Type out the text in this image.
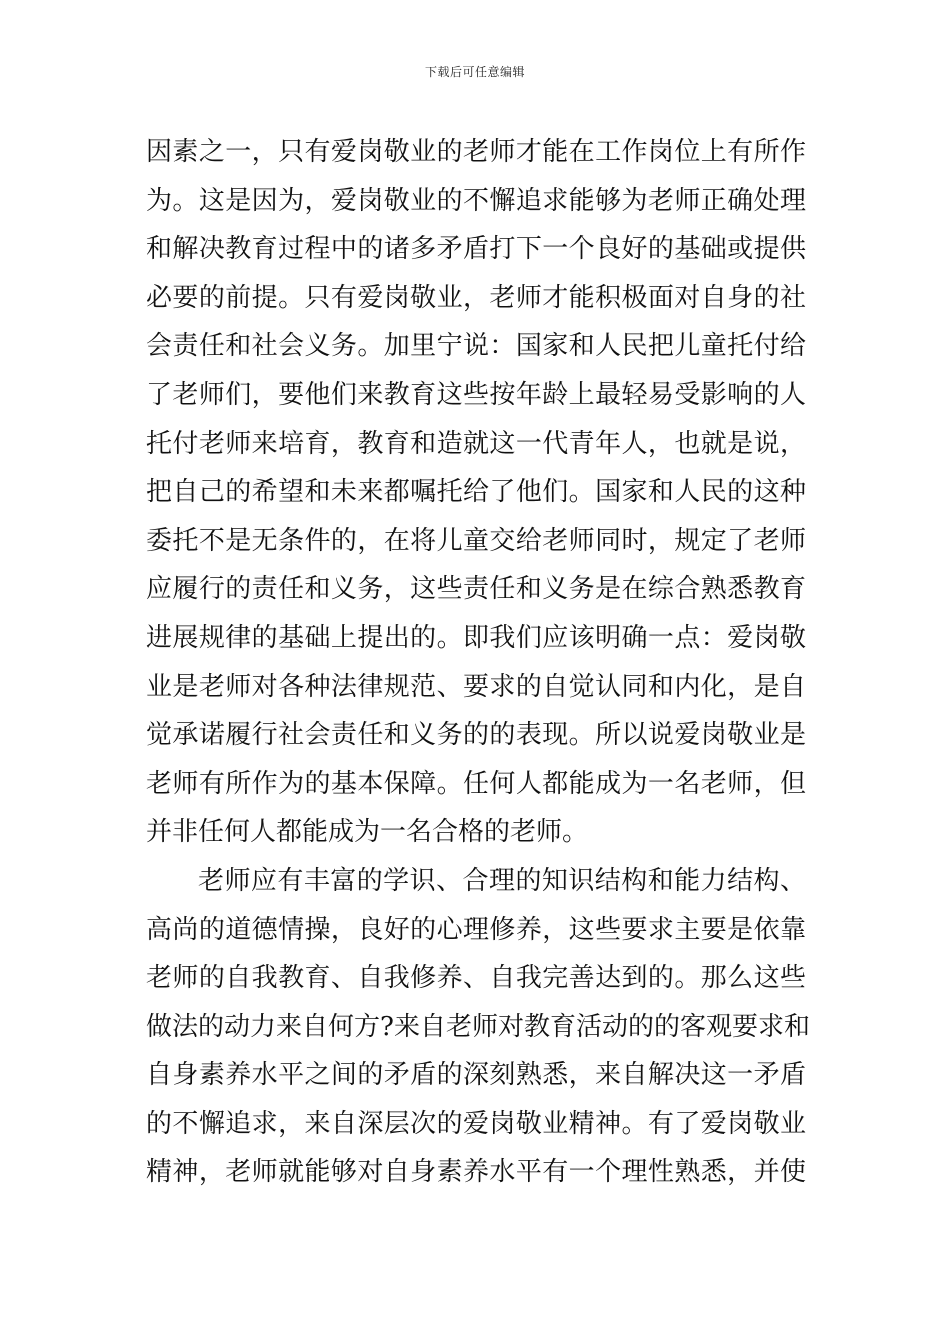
下载后可任意编辑
因素之一，只有爱岗敬业的老师才能在工作岗位上有所作
为。这是因为，爱岗敬业的不懈追求能够为老师正确处理
和解决教育过程中的诸多矛盾打下一个良好的基础或提供
必要的前提。只有爱岗敬业，老师才能积极面对自身的社
会责任和社会义务。加里宁说：国家和人民把儿童托付给
了老师们，要他们来教育这些按年龄上最轻易受影响的人
托付老师来培育，教育和造就这一代青年人，也就是说，
把自己的希望和未来都嘱托给了他们。国家和人民的这种
委托不是无条件的，在将儿童交给老师同时，规定了老师
应履行的责任和义务，这些责任和义务是在综合熟悉教育
进展规律的基础上提出的。即我们应该明确一点：爱岗敬
业是老师对各种法律规范、要求的自觉认同和内化，是自
觉承诺履行社会责任和义务的的表现。所以说爱岗敬业是
老师有所作为的基本保障。任何人都能成为一名老师，但
并非任何人都能成为一名合格的老师。
老师应有丰富的学识、合理的知识结构和能力结构、
高尚的道德情操，良好的心理修养，这些要求主要是依靠
老师的自我教育、自我修养、自我完善达到的。那么这些
做法的动力来自何方?来自老师对教育活动的的客观要求和
自身素养水平之间的矛盾的深刻熟悉，来自解决这一矛盾
的不懈追求，来自深层次的爱岗敬业精神。有了爱岗敬业
精神，老师就能够对自身素养水平有一个理性熟悉，并使
